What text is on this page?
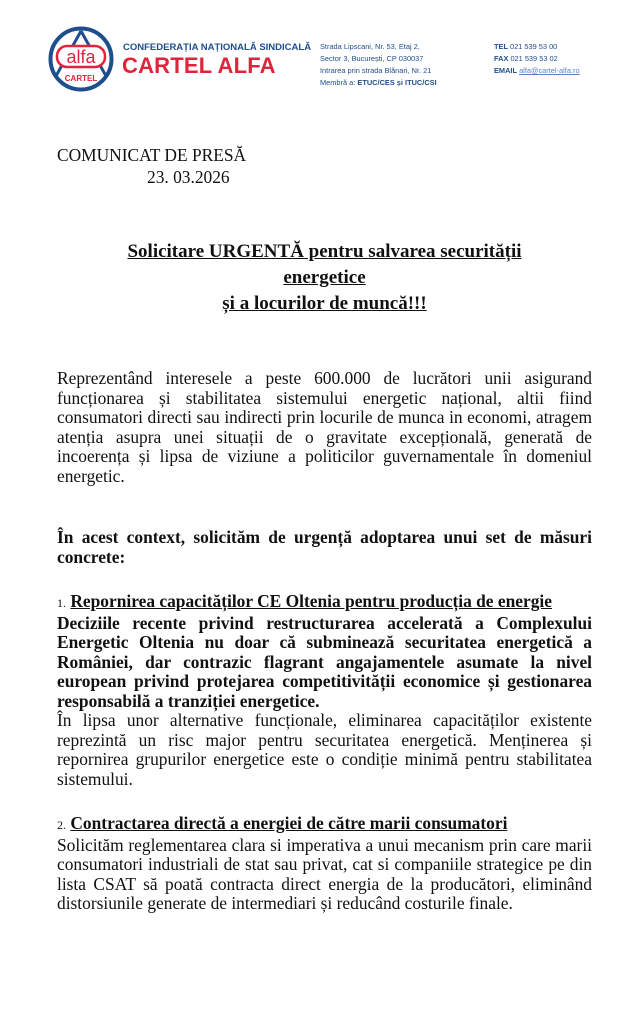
alfa
CARTEL
CONFEDERAȚIA NAȚIONALĂ SINDICALĂ
CARTEL ALFA
Strada Lipscani, Nr. 53, Etaj 2,
Sector 3, București, CP 030037
Intrarea prin strada Blănari, Nr. 21
Membră a: ETUC/CES și ITUC/CSI
TEL 021 539 53 00
FAX 021 539 53 02
EMAIL alfa@cartel-alfa.ro
COMUNICAT DE PRESĂ
23. 03.2026
Solicitare URGENTĂ pentru salvarea securității energetice
și a locurilor de muncă!!!

Reprezentând interesele a peste 600.000 de lucrători unii asigurand funcționarea și stabilitatea sistemului energetic național, altii fiind consumatori directi sau indirecti prin locurile de munca in economi, atragem atenția asupra unei situații de o gravitate excepțională, generată de incoerența și lipsa de viziune a politicilor guvernamentale în domeniul energetic.

În acest context, solicităm de urgență adoptarea unui set de măsuri concrete:

1. Repornirea capacităților CE Oltenia pentru producția de energie

Deciziile recente privind restructurarea accelerată a Complexului Energetic Oltenia nu doar că subminează securitatea energetică a României, dar contrazic flagrant angajamentele asumate la nivel european privind protejarea competitivității economice și gestionarea responsabilă a tranziției energetice.

În lipsa unor alternative funcționale, eliminarea capacităților existente reprezintă un risc major pentru securitatea energetică. Menținerea și repornirea grupurilor energetice este o condiție minimă pentru stabilitatea sistemului.

2. Contractarea directă a energiei de către marii consumatori

Solicităm reglementarea clara si imperativa a unui mecanism prin care marii consumatori industriali de stat sau privat, cat si companiile strategice pe din lista CSAT să poată contracta direct energia de la producători, eliminând distorsiunile generate de intermediari și reducând costurile finale.
